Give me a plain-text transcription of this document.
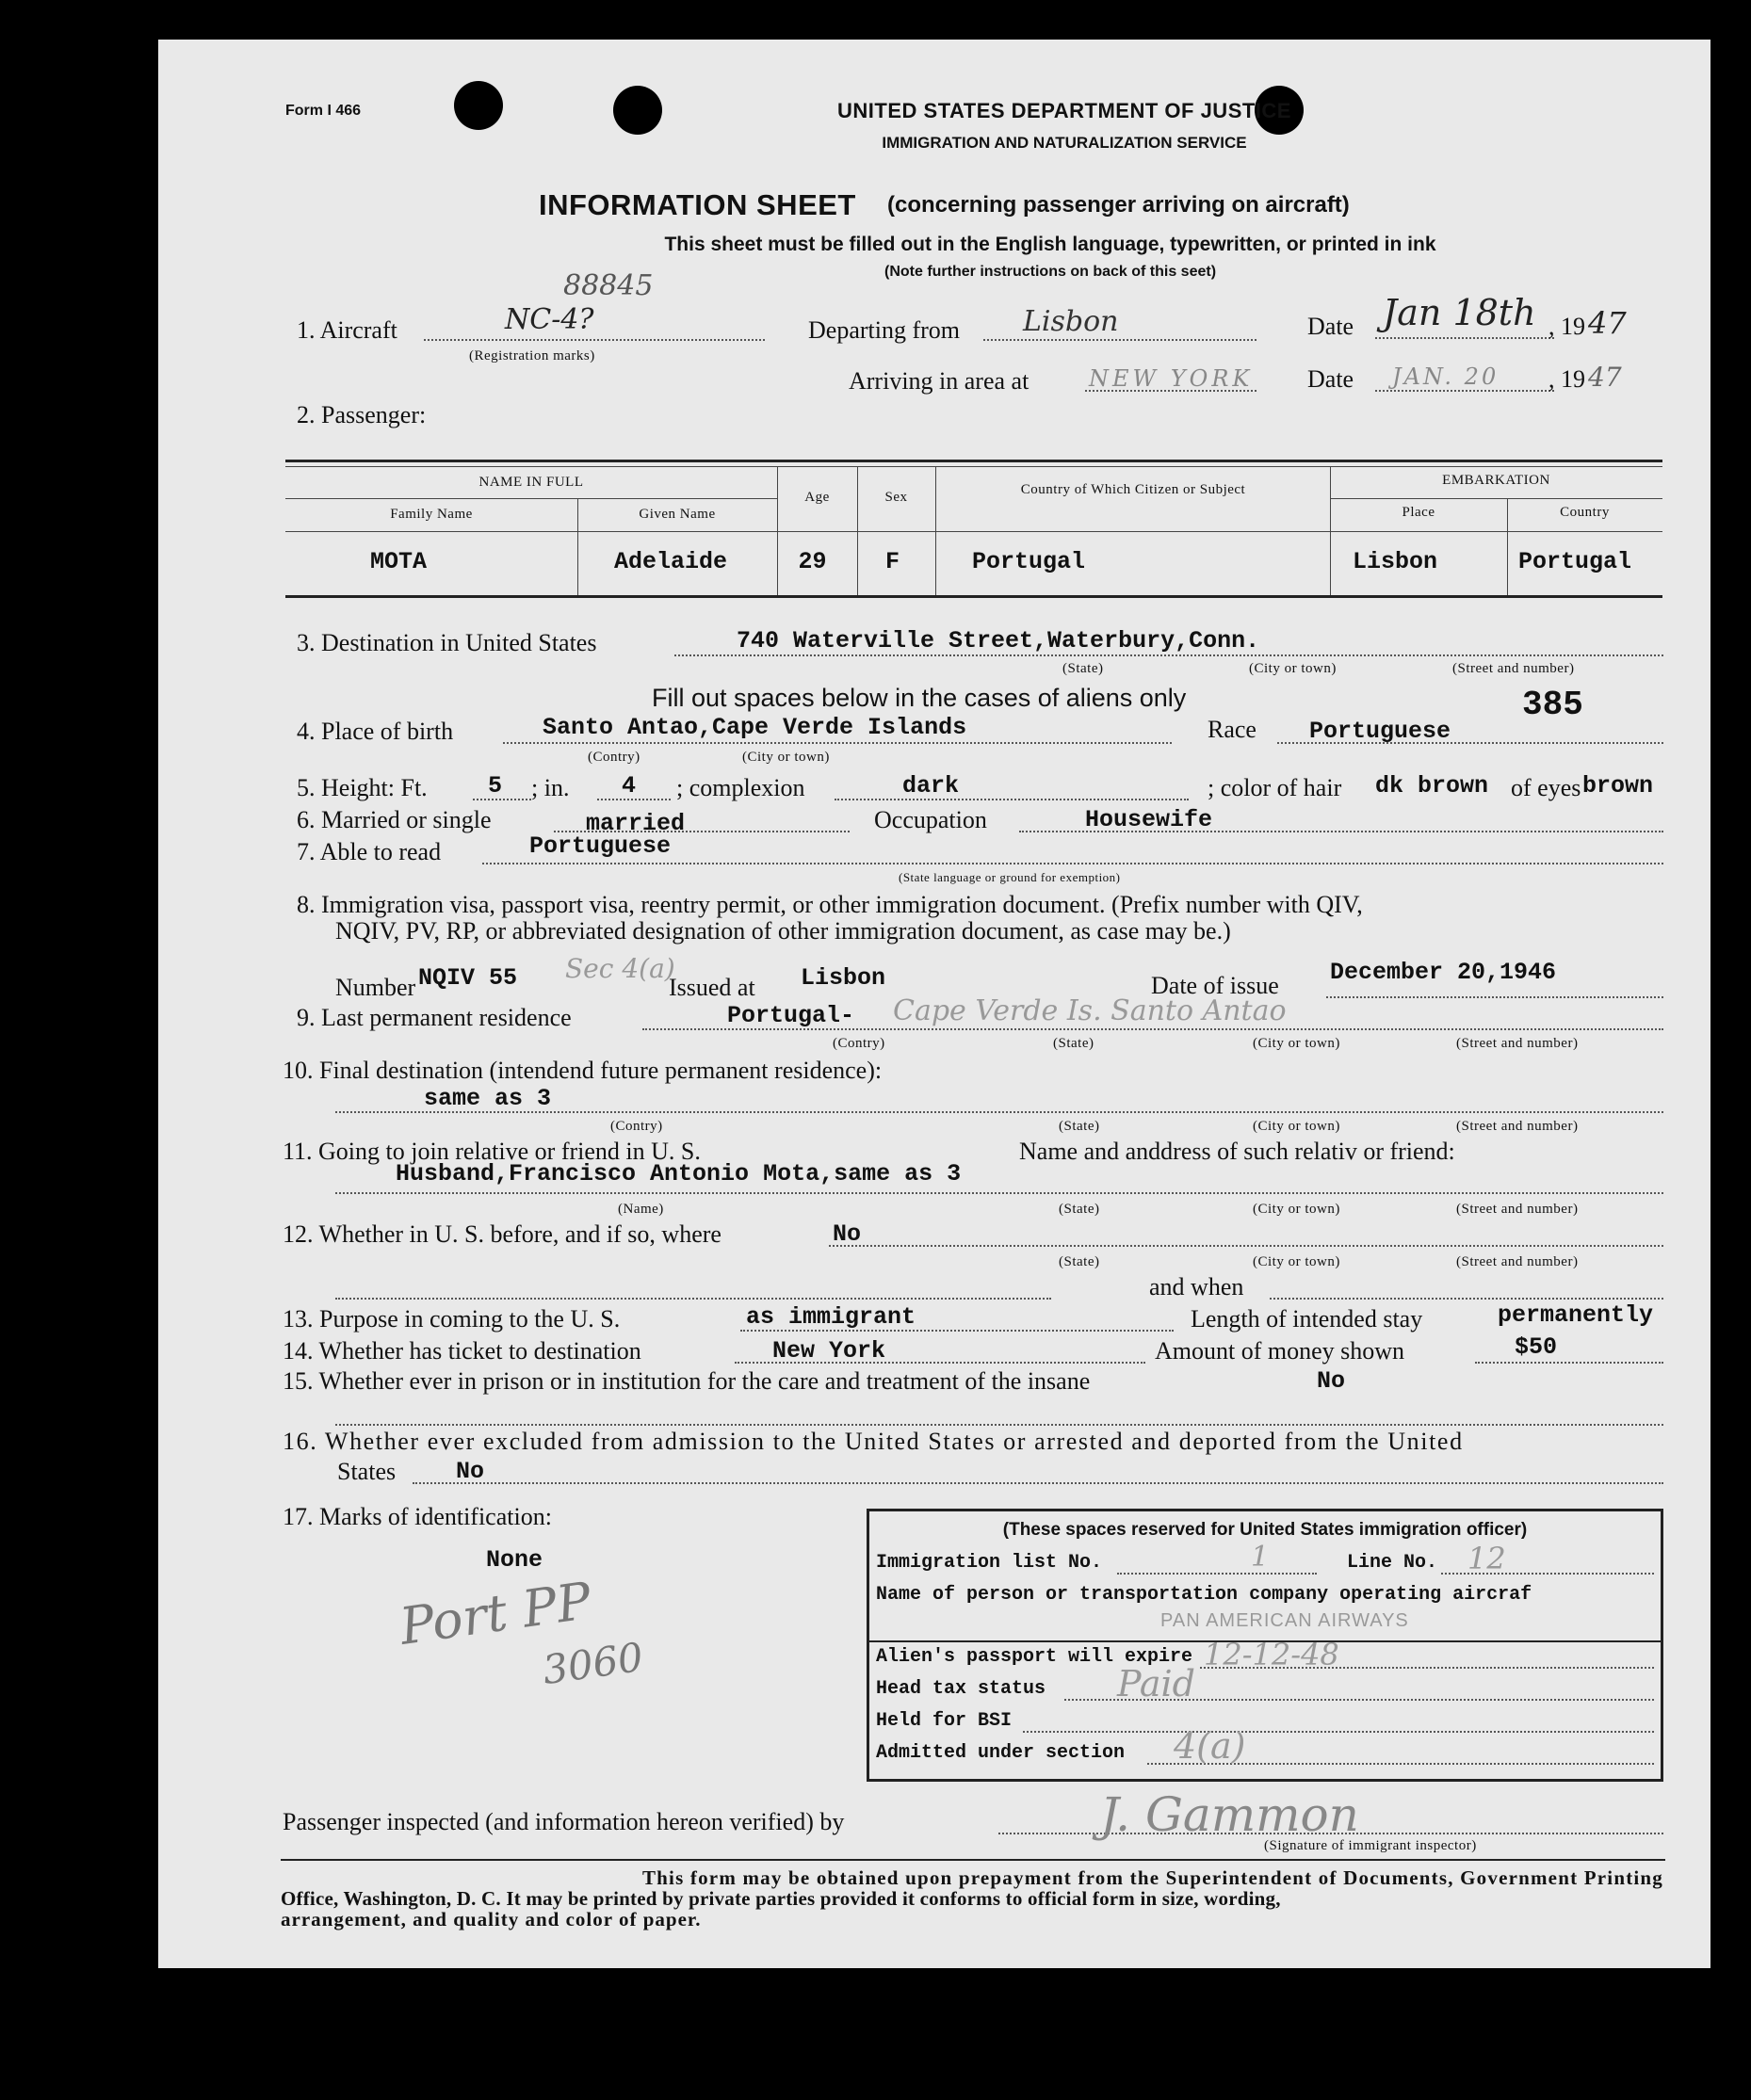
Form I 466	UNITED STATES DEPARTMENT OF JUSTICE
IMMIGRATION AND NATURALIZATION SERVICE
INFORMATION SHEET (concerning passenger arriving on aircraft)
This sheet must be filled out in the English language, typewritten, or printed in ink
(Note further instructions on back of this seet)
1. Aircraft	NC-4?
88845
(Registration marks)
Departing from Lisbon	Date Jan 18th , 19 47
Arriving in area at	NEW YORK Date JAN. 20 , 19 47
2. Passenger:
NAME IN FULL
Family Name	Given Name
Age	Sex	Country of Which Citizen or Subject
EMBARKATION
Place	Country
MOTA	Adelaide	29	F	Portugal	Lisbon	Portugal
3. Destination in United States	740 Waterville Street,Waterbury,Conn.
(State)	(City or town)	(Street and number)
Fill out spaces below in the cases of aliens only	385
4. Place of birth	Santo Antao,Cape Verde Islands
(Contry)	(City or town)
Race Portuguese
5. Height: Ft.	5 ; in. 4 ; complexion	dark	; color of hair dk brown of eyes brown
6. Married or single	married	Occupation	Housewife
7. Able to read	Portuguese
(State language or ground for exemption)
8. Immigration visa, passport visa, reentry permit, or other immigration document. (Prefix number with QIV,
NQIV, PV, RP, or abbreviated designation of other immigration document, as case may be.)
Number NQIV 55 Sec 4(a)
Issued at Lisbon	Date of issue December 20,1946
9. Last permanent residence	Portugal- Cape Verde Is. Santo Antao
(Contry)	(State)	(City or town)	(Street and number)
10. Final destination (intendend future permanent residence):
same as 3
(Contry)	(State)	(City or town)	(Street and number)
11. Going to join relative or friend in U. S.	Name and anddress of such relativ or friend:
Husband,Francisco Antonio Mota,same as 3
(Name)	(State)	(City or town)	(Street and number)
12. Whether in U. S. before, and if so, where	No
(State)	(City or town)	(Street and number)
and when
13. Purpose in coming to the U. S.	as immigrant	Length of intended stay	permanently
14. Whether has ticket to destination	New York	Amount of money shown	$50
15. Whether ever in prison or in institution for the care and treatment of the insane	No
16. Whether ever excluded from admission to the United States or arrested and deported from the United
States	No
17. Marks of identification:
None
Port PP
3060
(These spaces reserved for United States immigration officer)
Immigration list No.	1	Line No. 12
Name of person or transportation company operating aircraf
PAN AMERICAN AIRWAYS
Alien's passport will expire 12-12-48
Head tax status Paid
Held for BSI
Admitted under section 4(a)
Passenger inspected (and information hereon verified) by	J. Gammon
(Signature of immigrant inspector)
This form may be obtained upon prepayment from the Superintendent of Documents, Government Printing
Office, Washington, D. C. It may be printed by private parties provided it conforms to official form in size, wording,
arrangement, and quality and color of paper.
